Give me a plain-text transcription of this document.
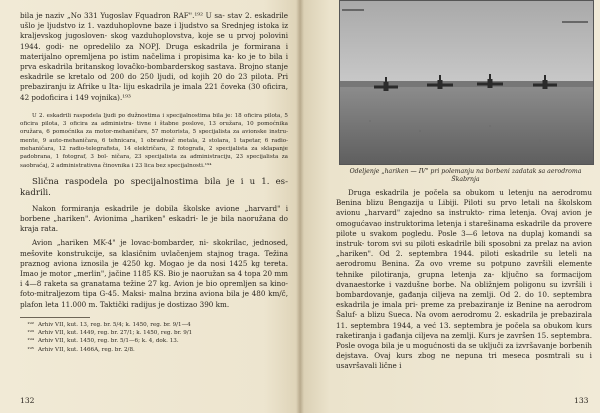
bila je naziv „No 331 Yugoslav Fquadron RAF".¹⁹² U sa- stav 2. eskadrile ušlo je ljudstvo iz 1. vazduhoplovne baze i ljudstvo sa Srednjeg istoka iz kraljevskog jugosloven- skog vazduhoplovstva, koje se u prvoj polovini 1944. godi- ne opredelilo za NOPJ. Druga eskadrila je formirana i materijalno opremljena po istim načelima i propisima ka- ko je to bila i prva eskadrila britanskog lovačko-bombarderskog sastava. Brojno stanje eskadrile se kretalo od 200 do 250 ljudi, od kojih 20 do 23 pilota. Pri prebaziranju iz Afrike u Ita- liju eskadrila je imala 221 čoveka (30 oficira, 42 podoficira i 149 vojnika).¹⁹³

U 2. eskadrili raspodela ljudi po dužnostima i specijalnostima bila je: 18 oficira pilota, 5 oficira pilota, 3 oficira za administra- tivne i štabne poslove, 13 oružara, 10 pomoćnika oružara, 6 pomoćnika za motor-mehaničare, 57 motorista, 5 specijalista za avionske instru- mente, 9 auto-mehaničara, 6 tehnicara, 1 obradivač metala, 2 stolara, 1 tapetar, 6 radio-mehaničara, 12 radio-telegrafista, 14 električara, 2 fotografa, 2 specijalista za sklapanje padobrana, 1 fotograf, 3 bol- ničara, 23 specijalista za administraciju, 23 specijalista za saobraćaj, 2 administrativna činovnika i 23 lica bez specijalnosti.¹⁹⁴

Slična raspodela po specijalnostima bila je i u 1. es- kadrili.

Nakon formiranja eskadrile je dobila školske avione „harvard" i borbene „hariken". Avionima „hariken" eskadri- le je bila naoružana do kraja rata.

Avion „hariken MK-4" je lovac-bombarder, ni- skokrilac, jednosed, mešovite konstrukcije, sa klasičnim uvlačenjem stajnog traga. Težina praznog aviona iznosila je 4250 kg. Mogao je da nosi 1425 kg tereta. Imao je motor „merlin", jačine 1185 KS. Bio je naoružan sa 4 topa 20 mm i 4—8 raketa sa granatama težine 27 kg. Avion je bio opremljen sa kino-foto-mitraljezom tipa G-45. Maksi- malna brzina aviona bila je 480 km/č, plafon leta 11.000 m. Taktički radijus je dostizao 390 km.

¹⁹² Arhiv VII, kut. 13, reg. br. 5/4; k. 1450, reg. br. 9/1—4
¹⁹³ Arhiv VII, kut. 1449, reg. br. 27/1; k. 1450, reg. br. 9/1
¹⁹⁴ Arhiv VII, kut. 1450, reg. br. 5/1—6; k. 4, dok. 13.
¹⁹⁵ Arhiv VII, kut. 1466A, reg. br. 2/8.
132

Odeljenje „hariken — IV" pri polетanju na borbeni zadatak sa aerodroma Škabrnja

Druga eskadrila je počela sa obukom u letenju na aerodromu Benina blizu Bengazija u Libiji. Piloti su prvo letali na školskom avionu „harvard" zajedno sa instrukto- rima letenja. Ovaj avion je omogućavao instruktorima letenja i starešinama eskadrile da provere pilote u svakom pogledu. Posle 3—6 letova na duplaj komandi sa instruk- torom svi su piloti eskadrile bili sposobni za prelaz na avion „hariken". Od 2. septembra 1944. piloti eskadrile su leteli na aerodromu Benina. Za ovo vreme su potpuno završili elemente tehnike pilotiranja, grupna letenja za- ključno sa formacijom dvanaestorke i vazdušne borbe. Na obližnjem poligonu su izvršili i bombardovanje, gađanja ciljeva na zemlji. Od 2. do 10. septembra eskadrila je imala pri- preme za prebaziranje iz Benine na aerodrom Šaluf‑ a blizu Sueca. Na ovom aerodromu 2. eskadrila je prebazirala 11. septembra 1944, a već 13. septembra je počela sa obukom kurs raketiranja i gađanja ciljeva na zemlji. Kurs je završen 15. septembra. Posle ovoga bila je u mogućnosti da se uključi za izvršavanje borbenih dejstava. Ovaj kurs zbog ne nepuna tri meseca posmtrali su i usavršavali lične i

133
